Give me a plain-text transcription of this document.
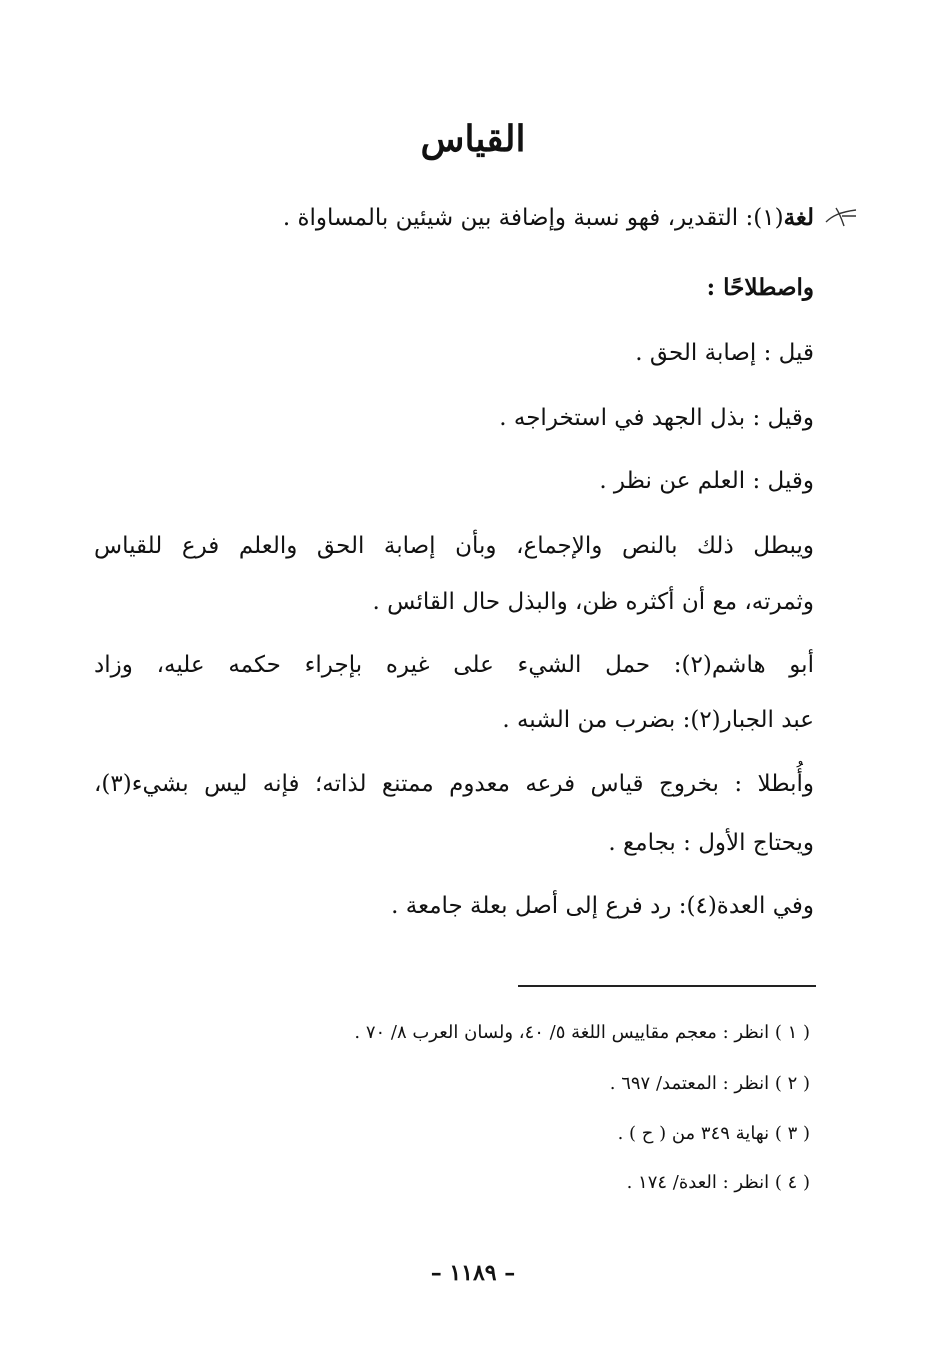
القياس
لغة(١): التقدير، فهو نسبة وإضافة بين شيئين بالمساواة .
واصطلاحًا :
قيل : إصابة الحق .
وقيل : بذل الجهد في استخراجه .
وقيل : العلم عن نظر .
ويبطل ذلك بالنص والإجماع، وبأن إصابة الحق والعلم فرع للقياس
وثمرته، مع أن أكثره ظن، والبذل حال القائس .
أبو هاشم(٢): حمل الشيء على غيره بإجراء حكمه عليه، وزاد
عبد الجبار(٢): بضرب من الشبه .
وأُبطلا : بخروج قياس فرعه معدوم ممتنع لذاته؛ فإنه ليس بشيء(٣)،
ويحتاج الأول : بجامع .
وفي العدة(٤): رد فرع إلى أصل بعلة جامعة .
( ١ ) انظر : معجم مقاييس اللغة ٥/ ٤٠، ولسان العرب ٨/ ٧٠ .
( ٢ ) انظر : المعتمد/ ٦٩٧ .
( ٣ ) نهاية ٣٤٩ من ( ح ) .
( ٤ ) انظر : العدة/ ١٧٤ .
– ١١٨٩ –
